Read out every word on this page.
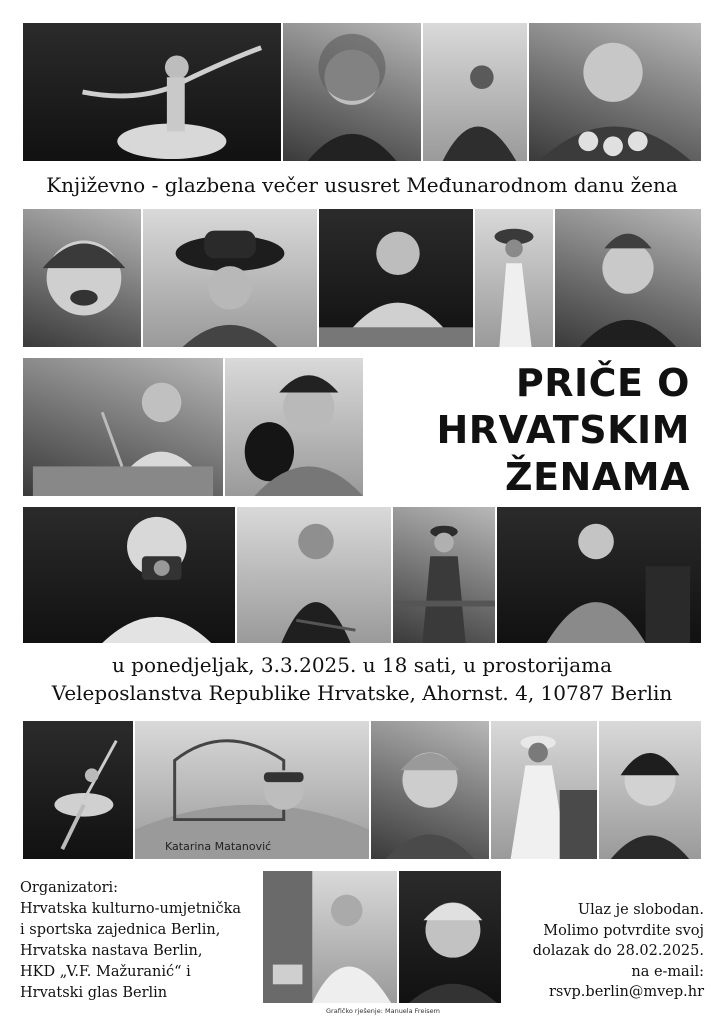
Književno - glazbena večer ususret Međunarodnom danu žena
PRIČE O
HRVATSKIM
ŽENAMA
u ponedjeljak, 3.3.2025. u 18 sati, u prostorijama
Veleposlanstva Republike Hrvatske, Ahornst. 4, 10787 Berlin
Katarina Matanović
Organizatori:
Hrvatska kulturno-umjetnička
i sportska zajednica Berlin,
Hrvatska nastava Berlin,
HKD „V.F. Mažuranić“ i
Hrvatski glas Berlin
Grafičko rješenje: Manuela Freisem
Ulaz je slobodan.
Molimo potvrdite svoj
dolazak do 28.02.2025.
na e-mail:
rsvp.berlin@mvep.hr
